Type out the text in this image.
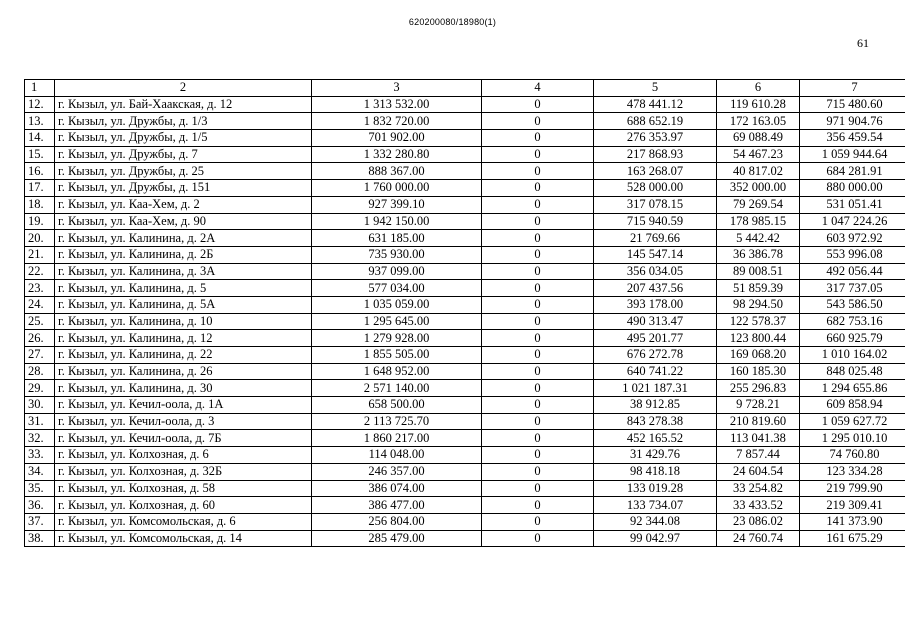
620200080/18980(1)
61
1	2	3	4	5	6	7
12.	г. Кызыл, ул. Бай-Хаакская, д. 12	1 313 532.00	0	478 441.12	119 610.28	715 480.60
13.	г. Кызыл, ул. Дружбы, д. 1/3	1 832 720.00	0	688 652.19	172 163.05	971 904.76
14.	г. Кызыл, ул. Дружбы, д. 1/5	701 902.00	0	276 353.97	69 088.49	356 459.54
15.	г. Кызыл, ул. Дружбы, д. 7	1 332 280.80	0	217 868.93	54 467.23	1 059 944.64
16.	г. Кызыл, ул. Дружбы, д. 25	888 367.00	0	163 268.07	40 817.02	684 281.91
17.	г. Кызыл, ул. Дружбы, д. 151	1 760 000.00	0	528 000.00	352 000.00	880 000.00
18.	г. Кызыл, ул. Каа-Хем, д. 2	927 399.10	0	317 078.15	79 269.54	531 051.41
19.	г. Кызыл, ул. Каа-Хем, д. 90	1 942 150.00	0	715 940.59	178 985.15	1 047 224.26
20.	г. Кызыл, ул. Калинина, д. 2А	631 185.00	0	21 769.66	5 442.42	603 972.92
21.	г. Кызыл, ул. Калинина, д. 2Б	735 930.00	0	145 547.14	36 386.78	553 996.08
22.	г. Кызыл, ул. Калинина, д. 3А	937 099.00	0	356 034.05	89 008.51	492 056.44
23.	г. Кызыл, ул. Калинина, д. 5	577 034.00	0	207 437.56	51 859.39	317 737.05
24.	г. Кызыл, ул. Калинина, д. 5А	1 035 059.00	0	393 178.00	98 294.50	543 586.50
25.	г. Кызыл, ул. Калинина, д. 10	1 295 645.00	0	490 313.47	122 578.37	682 753.16
26.	г. Кызыл, ул. Калинина, д. 12	1 279 928.00	0	495 201.77	123 800.44	660 925.79
27.	г. Кызыл, ул. Калинина, д. 22	1 855 505.00	0	676 272.78	169 068.20	1 010 164.02
28.	г. Кызыл, ул. Калинина, д. 26	1 648 952.00	0	640 741.22	160 185.30	848 025.48
29.	г. Кызыл, ул. Калинина, д. 30	2 571 140.00	0	1 021 187.31	255 296.83	1 294 655.86
30.	г. Кызыл, ул. Кечил-оола, д. 1А	658 500.00	0	38 912.85	9 728.21	609 858.94
31.	г. Кызыл, ул. Кечил-оола, д. 3	2 113 725.70	0	843 278.38	210 819.60	1 059 627.72
32.	г. Кызыл, ул. Кечил-оола, д. 7Б	1 860 217.00	0	452 165.52	113 041.38	1 295 010.10
33.	г. Кызыл, ул. Колхозная, д. 6	114 048.00	0	31 429.76	7 857.44	74 760.80
34.	г. Кызыл, ул. Колхозная, д. 32Б	246 357.00	0	98 418.18	24 604.54	123 334.28
35.	г. Кызыл, ул. Колхозная, д. 58	386 074.00	0	133 019.28	33 254.82	219 799.90
36.	г. Кызыл, ул. Колхозная, д. 60	386 477.00	0	133 734.07	33 433.52	219 309.41
37.	г. Кызыл, ул. Комсомольская, д. 6	256 804.00	0	92 344.08	23 086.02	141 373.90
38.	г. Кызыл, ул. Комсомольская, д. 14	285 479.00	0	99 042.97	24 760.74	161 675.29
